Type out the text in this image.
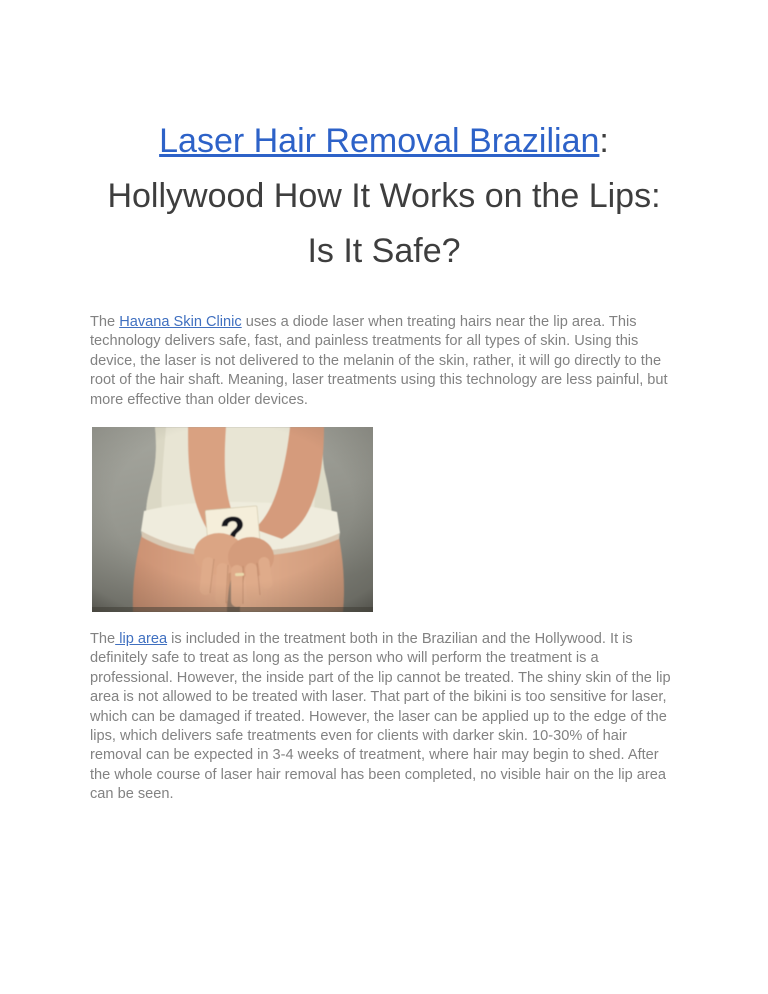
Laser Hair Removal Brazilian:
Hollywood How It Works on the Lips:
Is It Safe?

The Havana Skin Clinic uses a diode laser when treating hairs near the lip area. This technology delivers safe, fast, and painless treatments for all types of skin. Using this device, the laser is not delivered to the melanin of the skin, rather, it will go directly to the root of the hair shaft. Meaning, laser treatments using this technology are less painful, but more effective than older devices.

The lip area is included in the treatment both in the Brazilian and the Hollywood. It is definitely safe to treat as long as the person who will perform the treatment is a professional. However, the inside part of the lip cannot be treated. The shiny skin of the lip area is not allowed to be treated with laser. That part of the bikini is too sensitive for laser, which can be damaged if treated. However, the laser can be applied up to the edge of the lips, which delivers safe treatments even for clients with darker skin. 10-30% of hair removal can be expected in 3-4 weeks of treatment, where hair may begin to shed. After the whole course of laser hair removal has been completed, no visible hair on the lip area can be seen.
